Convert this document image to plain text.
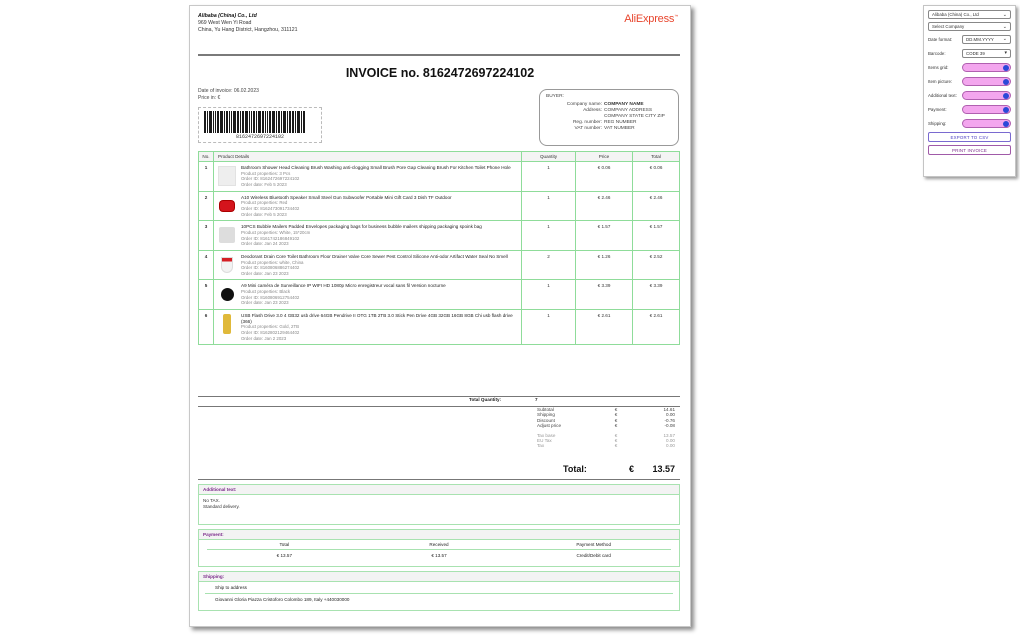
Alibaba (China) Co., Ltd
969 West Wen Yi Road
China, Yu Hang District, Hangzhou, 311121
AliExpress™
INVOICE no. 8162472697224102
Date of invoice: 06.02.2023
Price in: €
8162472697224102
BUYER:
Company name: COMPANY NAME
Address: COMPANY ADDRESS
COMPANY STATE CITY ZIP
Reg. number: REG NUMBER
VAT number: VAT NUMBER
No.	Product Details	Quantity	Price	Total
1	Bathroom Shower Head Cleaning Brush Washing anti-clogging Small Brush Pore Gap Cleaning Brush For Kitchen Toilet Phone Hole
Product properties: 3 Pcs
Order ID: 8162472697224102
Order date: Feb 5 2023	1	€ 0.06	€ 0.06
2	A10 Wireless Bluetooth Speaker Small Steel Gun Subwoofer Portable Mini Gift Card 3 Dish TF Outdoor
Product properties: Red
Order ID: 8162473091734402
Order date: Feb 5 2023	1	€ 2.46	€ 2.46
3	10PCS Bubble Mailers Padded Envelopes packaging bags for business bubble mailers shipping packaging spoink bag
Product properties: White, 15*20cm
Order ID: 8161742186849102
Order date: Jan 24 2023	1	€ 1.57	€ 1.57
4	Deodorant Drain Core Toilet Bathroom Floor Drainer Valve Core Sewer Pest Control Silicone Anti-odor Artifact Water Seal No Smell
Product properties: white, China
Order ID: 8160806886274402
Order date: Jan 23 2023	2	€ 1.26	€ 2.52
5	A9 Mini caméra de Surveillance IP WIFI HD 1080p Micro enregistreur vocal sans fil Version nocturne
Product properties: Black
Order ID: 8160806912754402
Order date: Jan 23 2023	1	€ 3.39	€ 3.39
6	USB Flash Drive 3.0 4 GB32 usb drive 64GB Pendrive II OTG 1TB 2TB 3.0 Stick Pen Drive 4GB 32GB 16GB 8GB Chi usb flash drive (366)
Product properties: Gold, 2TB
Order ID: 8162802129464402
Order date: Jan 2 2023	1	€ 2.61	€ 2.61
Total Quantity:	7
Subtotal	€	14.61
Shipping	€	0.00
Discount	€	-0.76
Adjust price	€	-0.08
Tax base	€	13.57
EU Tax	€	0.00
Tax	€	0.00
Total:	€	13.57
Additional text:
No TAX.
Standard delivery.
Payment:
Total	Received	Payment Method
€ 13.57	€ 13.57	Credit/Debit card
Shipping:
Ship to address
Giovanni Gloria Piazza Cristoforo Colombo 189, Italy +440030000
Alibaba (China) Co., Ltd	⌄
Select Company	⌄
Date format:	DD.MM.YYYY ⌄
Barcode:	CODE 39	▾
Items grid:
Item picture:
Additional text:
Payment:
Shipping:
EXPORT TO CSV
PRINT INVOICE
